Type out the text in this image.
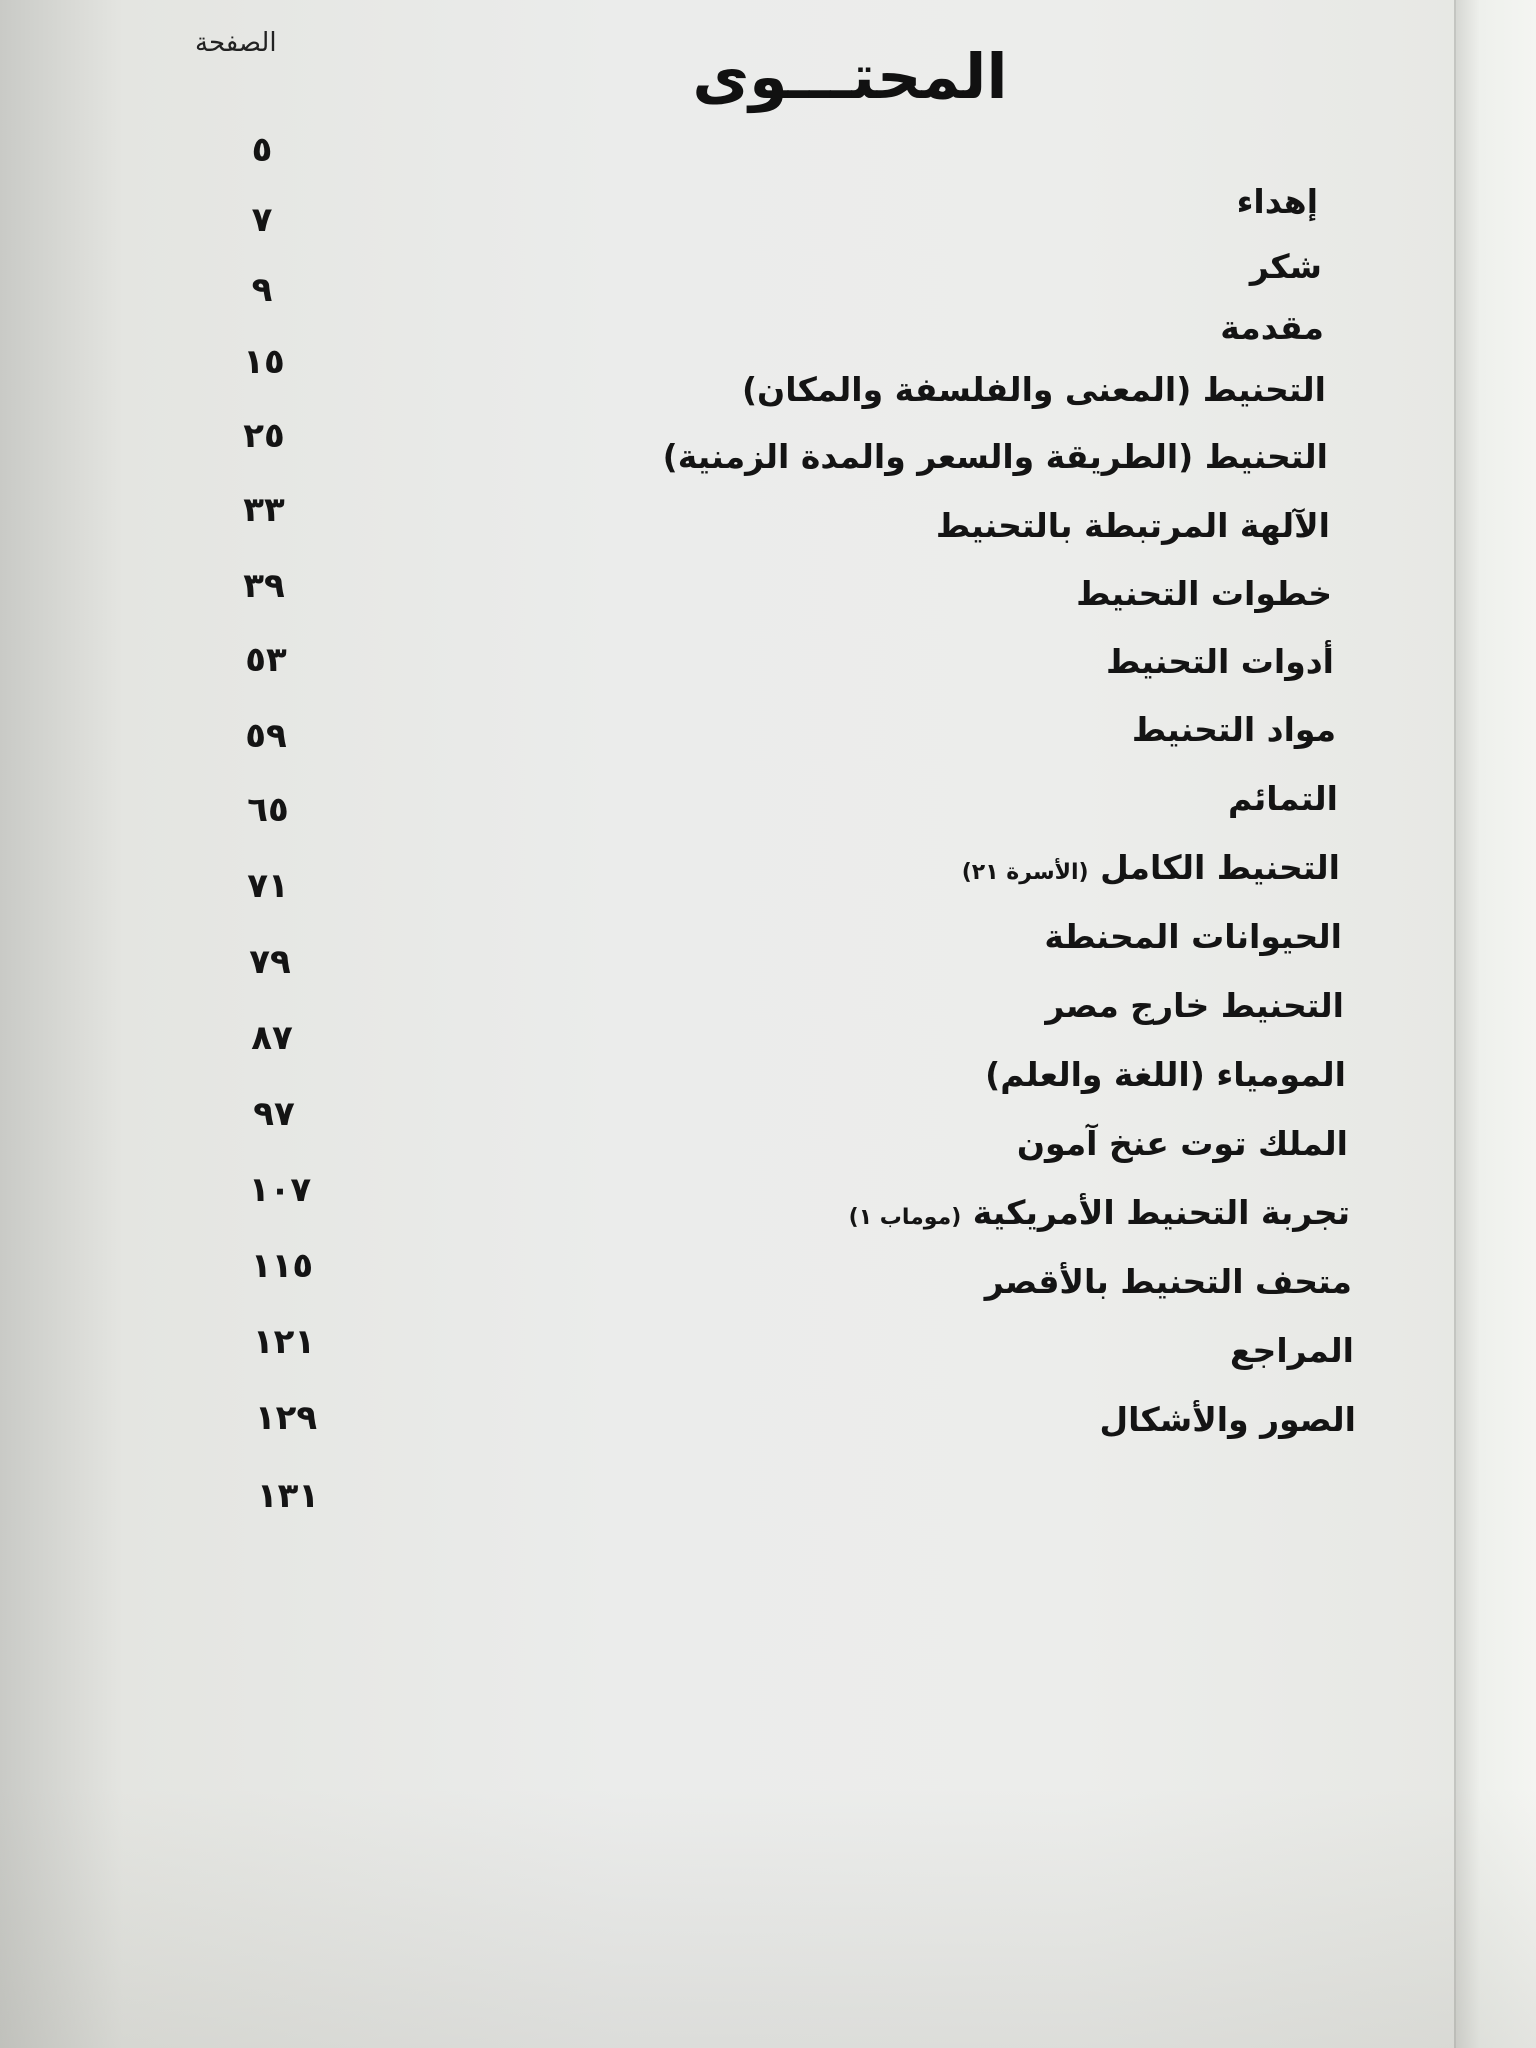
المحتـــوى
الصفحة
إهداء
شكر
مقدمة
التحنيط (المعنى والفلسفة والمكان)
التحنيط (الطريقة والسعر والمدة الزمنية)
الآلهة المرتبطة بالتحنيط
خطوات التحنيط
أدوات التحنيط
مواد التحنيط
التمائم
التحنيط الكامل (الأسرة ٢١)
الحيوانات المحنطة
التحنيط خارج مصر
المومياء (اللغة والعلم)
الملك توت عنخ آمون
تجربة التحنيط الأمريكية (موماب ١)
متحف التحنيط بالأقصر
المراجع
الصور والأشكال
٥
٧
٩
١٥
٢٥
٣٣
٣٩
٥٣
٥٩
٦٥
٧١
٧٩
٨٧
٩٧
١٠٧
١١٥
١٢١
١٢٩
١٣١
